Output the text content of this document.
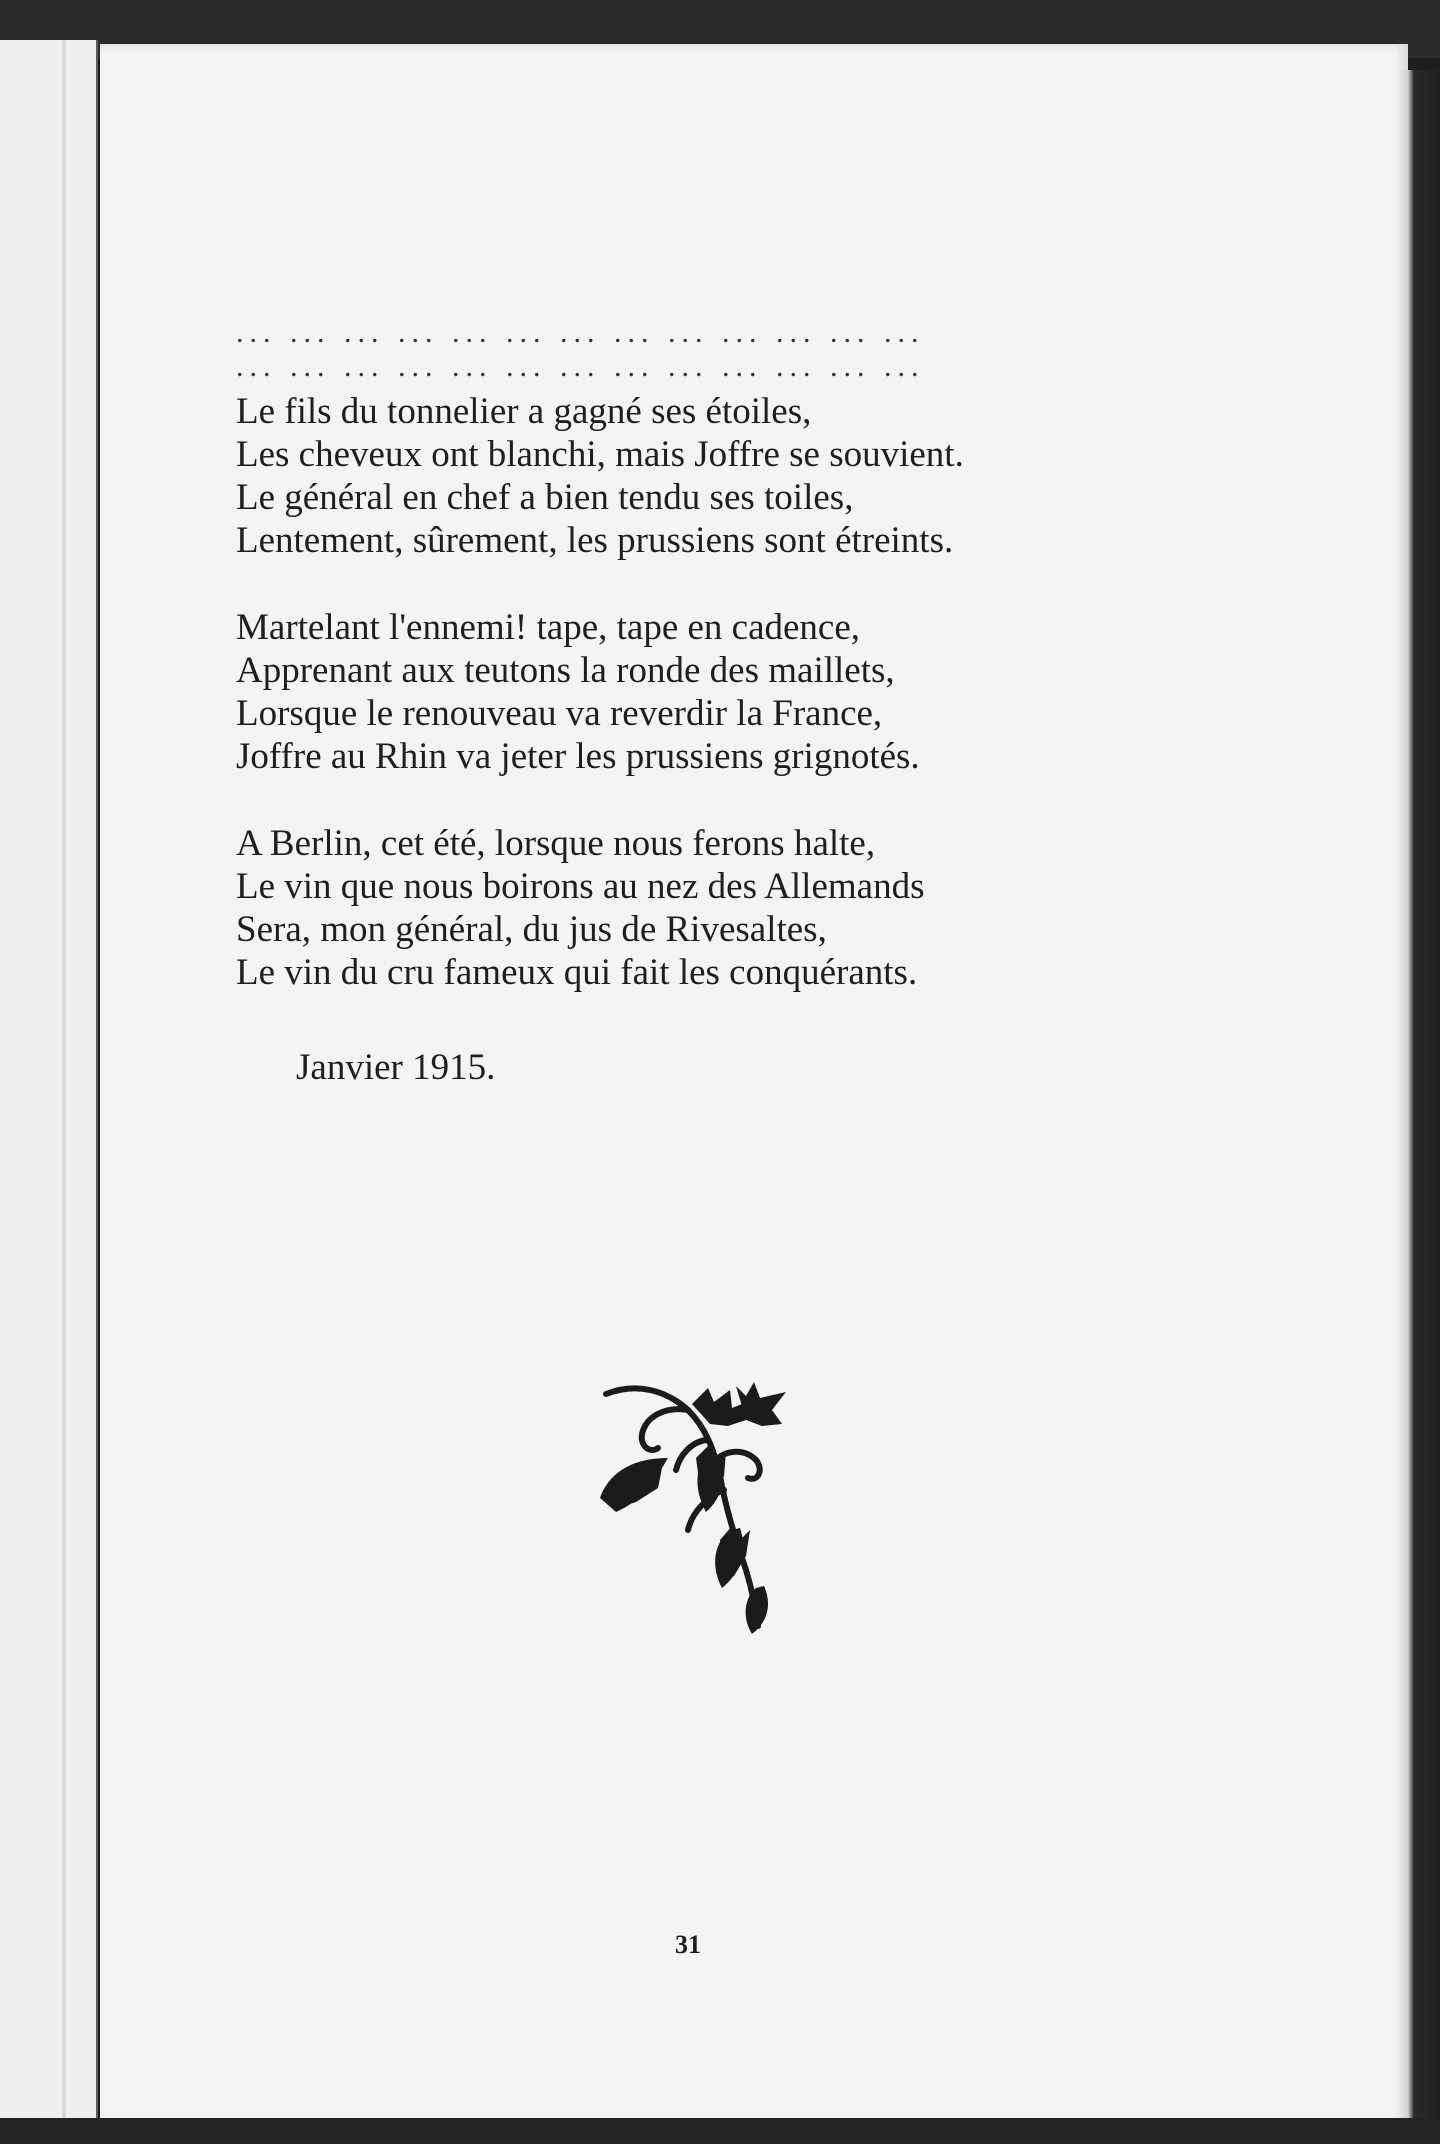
... ... ... ... ... ... ... ... ... ... ... ... ...
... ... ... ... ... ... ... ... ... ... ... ... ...
Le fils du tonnelier a gagné ses étoiles,
Les cheveux ont blanchi, mais Joffre se souvient.
Le général en chef a bien tendu ses toiles,
Lentement, sûrement, les prussiens sont étreints.
Martelant l'ennemi! tape, tape en cadence,
Apprenant aux teutons la ronde des maillets,
Lorsque le renouveau va reverdir la France,
Joffre au Rhin va jeter les prussiens grignotés.
A Berlin, cet été, lorsque nous ferons halte,
Le vin que nous boirons au nez des Allemands
Sera, mon général, du jus de Rivesaltes,
Le vin du cru fameux qui fait les conquérants.
Janvier 1915.
31
